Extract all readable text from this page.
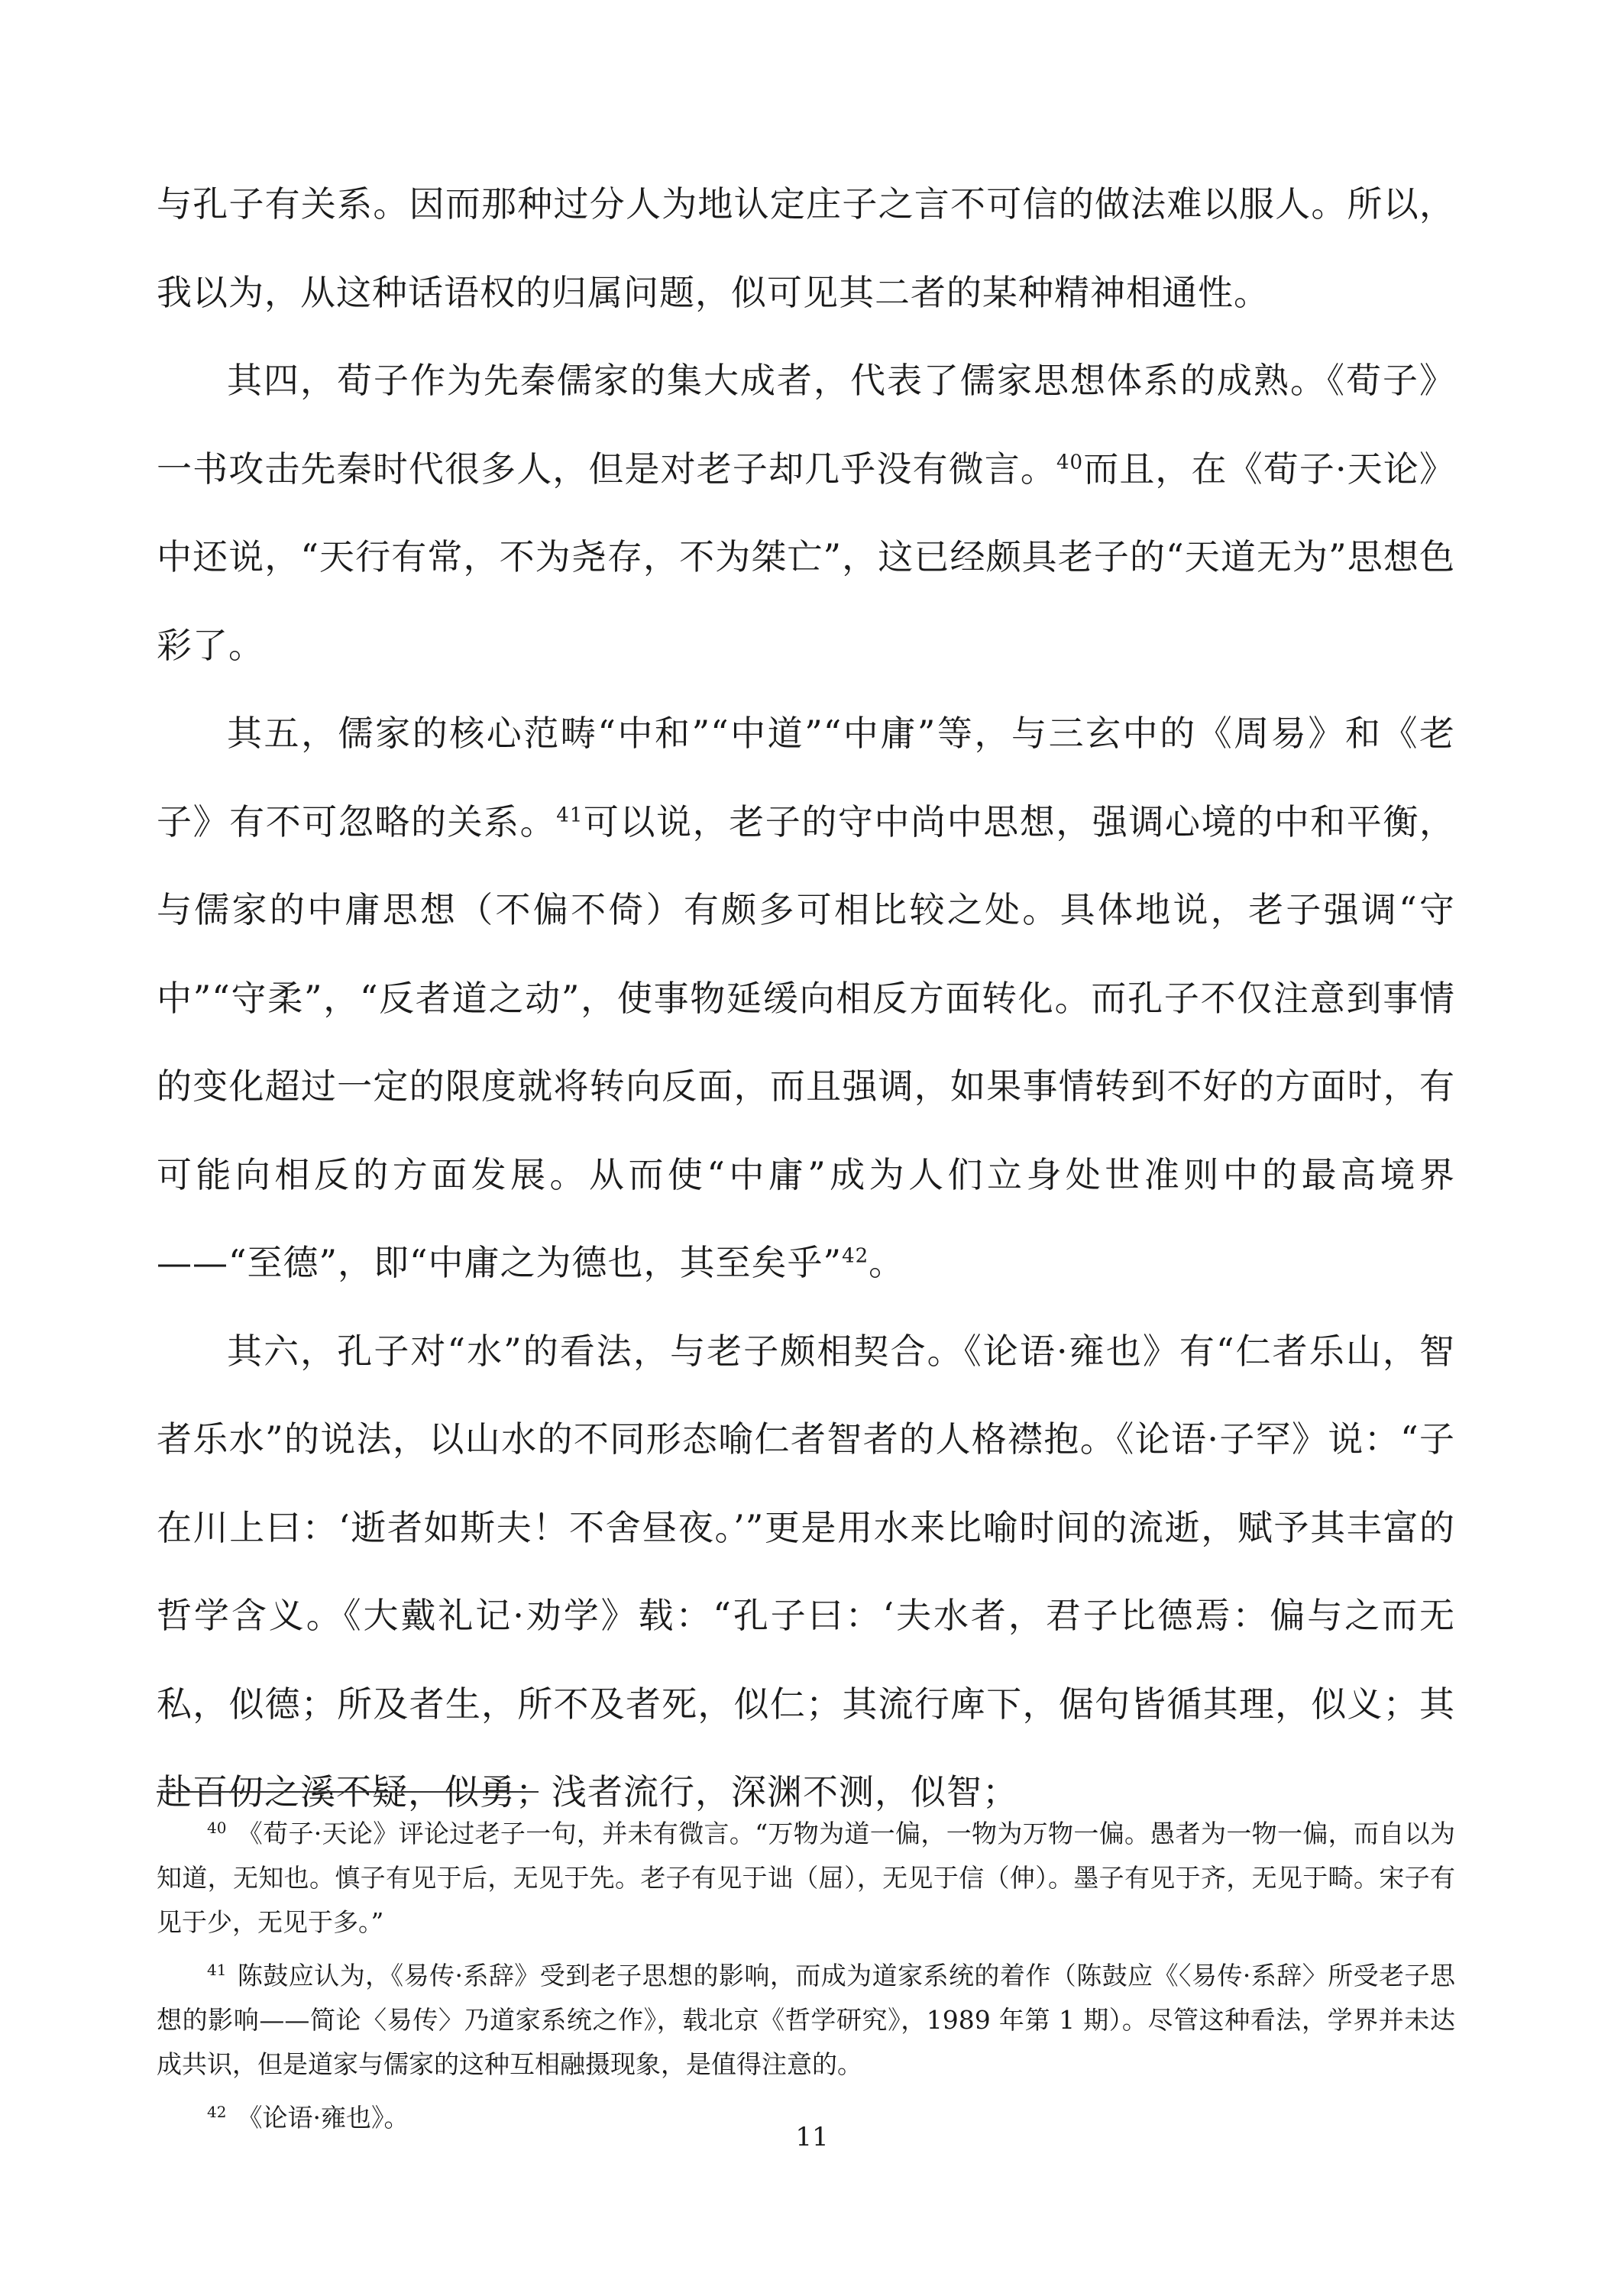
与孔子有关系。因而那种过分人为地认定庄子之言不可信的做法难以服人。所以，我以为，从这种话语权的归属问题，似可见其二者的某种精神相通性。

其四，荀子作为先秦儒家的集大成者，代表了儒家思想体系的成熟。《荀子》一书攻击先秦时代很多人，但是对老子却几乎没有微言。$^{40}$而且，在《荀子·天论》中还说，“天行有常，不为尧存，不为桀亡”，这已经颇具老子的“天道无为”思想色彩了。

其五，儒家的核心范畴“中和”“中道”“中庸”等，与三玄中的《周易》和《老子》有不可忽略的关系。$^{41}$可以说，老子的守中尚中思想，强调心境的中和平衡，与儒家的中庸思想（不偏不倚）有颇多可相比较之处。具体地说，老子强调“守中”“守柔”，“反者道之动”，使事物延缓向相反方面转化。而孔子不仅注意到事情的变化超过一定的限度就将转向反面，而且强调，如果事情转到不好的方面时，有可能向相反的方面发展。从而使“中庸”成为人们立身处世准则中的最高境界——“至德”，即“中庸之为德也，其至矣乎”$^{42}$。

其六，孔子对“水”的看法，与老子颇相契合。《论语·雍也》有“仁者乐山，智者乐水”的说法，以山水的不同形态喻仁者智者的人格襟抱。《论语·子罕》说：“子在川上曰：‘逝者如斯夫！不舍昼夜。’”更是用水来比喻时间的流逝，赋予其丰富的哲学含义。《大戴礼记·劝学》载：“孔子曰：‘夫水者，君子比德焉：偏与之而无私，似德；所及者生，所不及者死，似仁；其流行庳下，倨句皆循其理，似义；其赴百仞之溪不疑，似勇；浅者流行，深渊不测，似智；

$^{40}$ 《荀子·天论》评论过老子一句，并未有微言。“万物为道一偏，一物为万物一偏。愚者为一物一偏，而自以为知道，无知也。慎子有见于后，无见于先。老子有见于诎（屈），无见于信（伸）。墨子有见于齐，无见于畸。宋子有见于少，无见于多。”

$^{41}$ 陈鼓应认为，《易传·系辞》受到老子思想的影响，而成为道家系统的着作（陈鼓应《〈易传·系辞〉所受老子思想的影响——简论〈易传〉乃道家系统之作》，载北京《哲学研究》，1989 年第 1 期）。尽管这种看法，学界并未达成共识，但是道家与儒家的这种互相融摄现象，是值得注意的。

$^{42}$ 《论语·雍也》。

11
